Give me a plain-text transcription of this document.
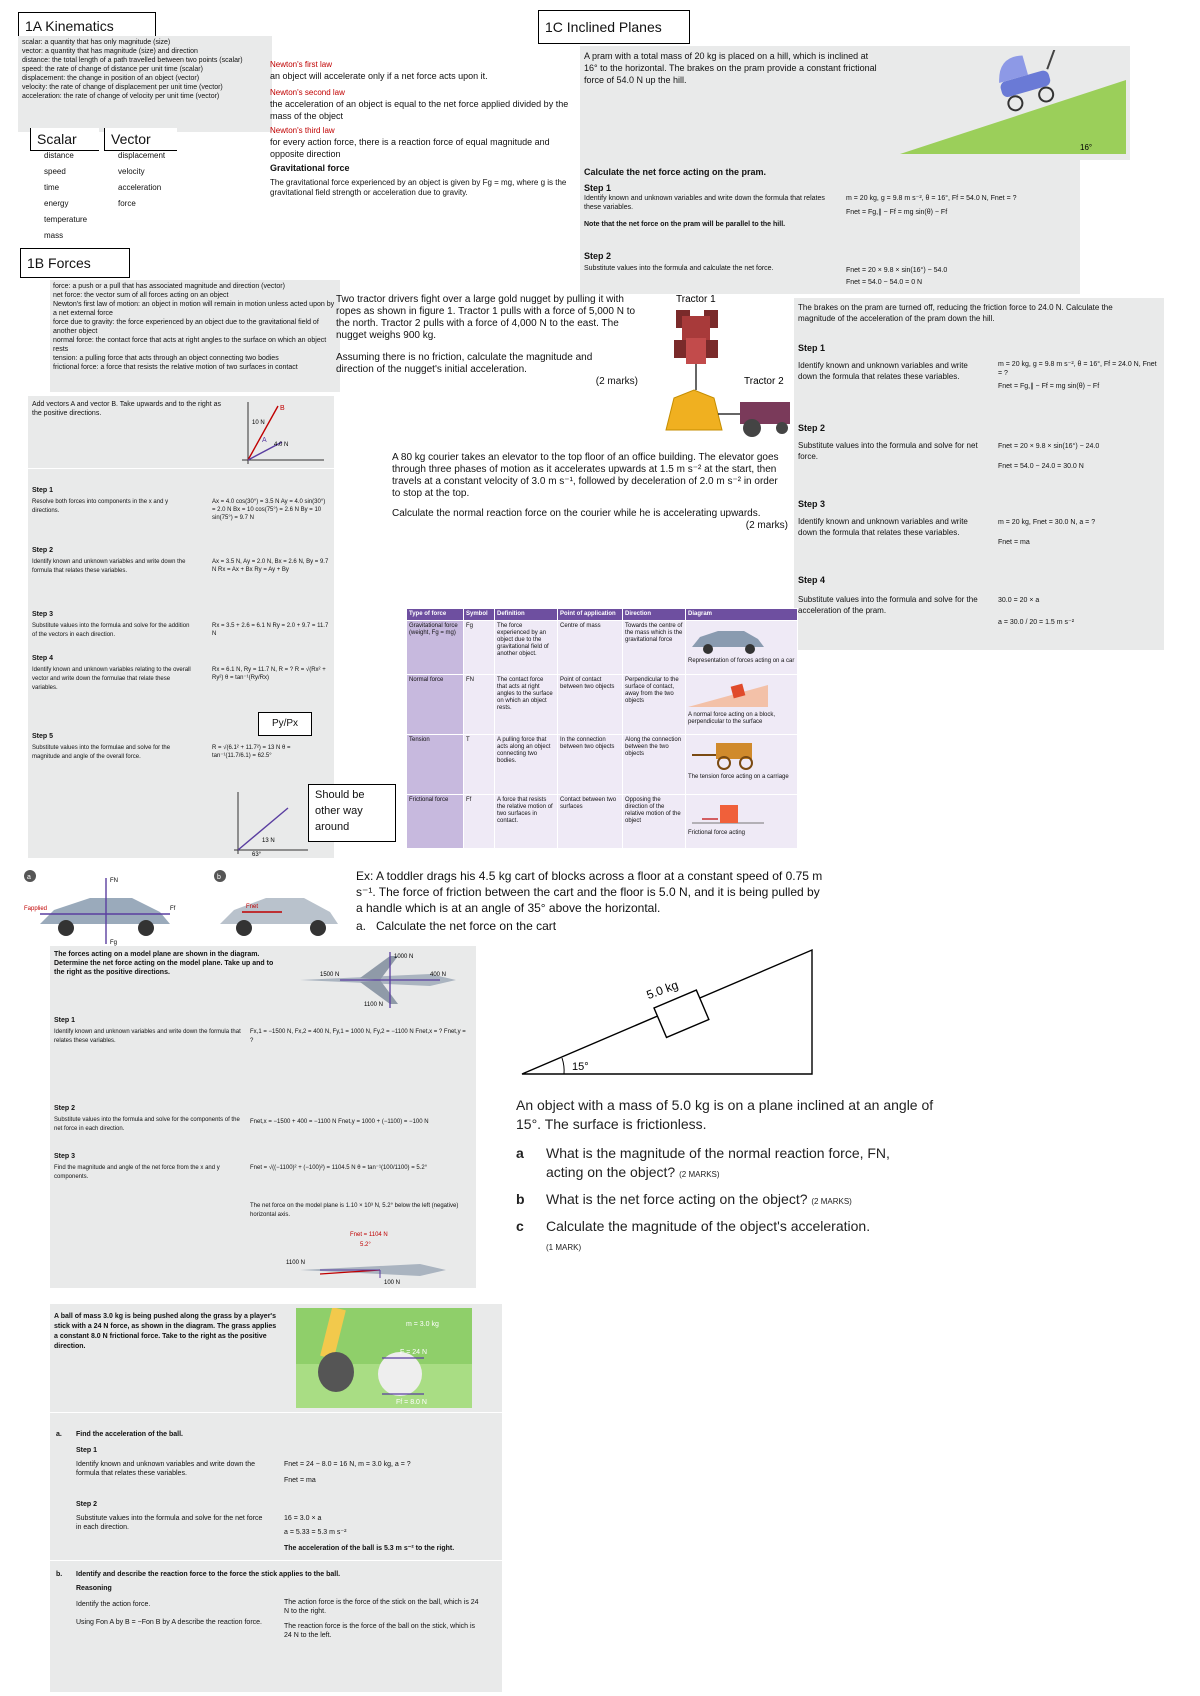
1A Kinematics
scalar: a quantity that has only magnitude (size)
vector: a quantity that has magnitude (size) and direction
distance: the total length of a path travelled between two points (scalar)
speed: the rate of change of distance per unit time (scalar)
displacement: the change in position of an object (vector)
velocity: the rate of change of displacement per unit time (vector)
acceleration: the rate of change of velocity per unit time (vector)
Scalar	Vector
distance
speed
time
energy
temperature
mass
displacement
velocity
acceleration
force
Newton's first law
an object will accelerate only if a net force acts upon it.
Newton's second law
the acceleration of an object is equal to the net force applied divided by the mass of the object
Newton's third law
for every action force, there is a reaction force of equal magnitude and opposite direction
Gravitational force
The gravitational force experienced by an object is given by Fg = mg, where g is the gravitational field strength or acceleration due to gravity.
1B Forces
force: a push or a pull that has associated magnitude and direction (vector)
net force: the vector sum of all forces acting on an object
Newton's first law of motion: an object in motion will remain in motion unless acted upon by a net external force
force due to gravity: the force experienced by an object due to the gravitational field of another object
normal force: the contact force that acts at right angles to the surface on which an object rests
tension: a pulling force that acts through an object connecting two bodies
frictional force: a force that resists the relative motion of two surfaces in contact
1C Inclined Planes
A pram with a total mass of 20 kg is placed on a hill, which is inclined at 16° to the horizontal. The brakes on the pram provide a constant frictional force of 54.0 N up the hill.
16°
Calculate the net force acting on the pram.
Step 1
Identify known and unknown variables and write down the formula that relates these variables.
m = 20 kg, g = 9.8 m s⁻², θ = 16°, Ff = 54.0 N, Fnet = ?
Fnet = Fg,∥ − Ff = mg sin(θ) − Ff
Note that the net force on the pram will be parallel to the hill.
Step 2
Substitute values into the formula and calculate the net force.	Fnet = 20 × 9.8 × sin(16°) − 54.0
Fnet = 54.0 − 54.0 = 0 N
The brakes on the pram are turned off, reducing the friction force to 24.0 N. Calculate the magnitude of the acceleration of the pram down the hill.
Step 1
Identify known and unknown variables and write down the formula that relates these variables.
m = 20 kg, g = 9.8 m s⁻², θ = 16°, Ff = 24.0 N, Fnet = ?
Fnet = Fg,∥ − Ff = mg sin(θ) − Ff
Step 2
Substitute values into the formula and solve for net force.
Fnet = 20 × 9.8 × sin(16°) − 24.0
Fnet = 54.0 − 24.0 = 30.0 N
Step 3
Identify known and unknown variables and write down the formula that relates these variables.
m = 20 kg, Fnet = 30.0 N, a = ?
Fnet = ma
Step 4
Substitute values into the formula and solve for the acceleration of the pram.
30.0 = 20 × a
a = 30.0 / 20 = 1.5 m s⁻²
Two tractor drivers fight over a large gold nugget by pulling it with ropes as shown in figure 1. Tractor 1 pulls with a force of 5,000 N to the north. Tractor 2 pulls with a force of 4,000 N to the east. The nugget weighs 900 kg.
Assuming there is no friction, calculate the magnitude and direction of the nugget's initial acceleration.
(2 marks)
Tractor 1
Tractor 2
A 80 kg courier takes an elevator to the top floor of an office building. The elevator goes through three phases of motion as it accelerates upwards at 1.5 m s⁻² at the start, then travels at a constant velocity of 3.0 m s⁻¹, followed by deceleration of 2.0 m s⁻² in order to stop at the top.
Calculate the normal reaction force on the courier while he is accelerating upwards.
(2 marks)
Add vectors A and vector B. Take upwards and to the right as the positive directions.
10 N
4.0 N
A
B
Step 1
Resolve both forces into components in the x and y directions.
Ax = 4.0 cos(30°) = 3.5 N Ay = 4.0 sin(30°) = 2.0 N Bx = 10 cos(75°) = 2.6 N By = 10 sin(75°) = 9.7 N
Step 2
Identify known and unknown variables and write down the formula that relates these variables.
Ax = 3.5 N, Ay = 2.0 N, Bx = 2.6 N, By = 9.7 N Rx = Ax + Bx Ry = Ay + By
Step 3
Substitute values into the formula and solve for the addition of the vectors in each direction.
Rx = 3.5 + 2.6 = 6.1 N Ry = 2.0 + 9.7 = 11.7 N
Step 4
Identify known and unknown variables relating to the overall vector and write down the formulae that relate these variables.
Rx = 6.1 N, Ry = 11.7 N, R = ? R = √(Rx² + Ry²) θ = tan⁻¹(Ry/Rx)
Step 5
Substitute values into the formulae and solve for the magnitude and angle of the overall force.
R = √(6.1² + 11.7²) = 13 N θ = tan⁻¹(11.7/6.1) = 62.5°
13 N
63°
Py/Px
Should be other way around
Type of force	Symbol	Definition	Point of application	Direction	Diagram
Gravitational force (weight, Fg = mg)	Fg	The force experienced by an object due to the gravitational field of another object.	Centre of mass	Towards the centre of the mass which is the gravitational force	Representation of forces acting on a car

Normal force	FN	The contact force that acts at right angles to the surface on which an object rests.	Point of contact between two objects	Perpendicular to the surface of contact, away from the two objects	A normal force acting on a block, perpendicular to the surface

Tension	T	A pulling force that acts along an object connecting two bodies.	In the connection between two objects	Along the connection between the two objects	The tension force acting on a carriage

Frictional force	Ff	A force that resists the relative motion of two surfaces in contact.	Contact between two surfaces	Opposing the direction of the relative motion of the object	Frictional force acting
a	FN
Fg
Fapplied	Ff
b
Fnet
Ex: A toddler drags his 4.5 kg cart of blocks across a floor at a constant speed of 0.75 m s⁻¹. The force of friction between the cart and the floor is 5.0 N, and it is being pulled by a handle which is at an angle of 35° above the horizontal.
a. Calculate the net force on the cart
The forces acting on a model plane are shown in the diagram. Determine the net force acting on the model plane. Take up and to the right as the positive directions.
1000 N
1500 N	400 N
1100 N
Step 1
Identify known and unknown variables and write down the formula that relates these variables.
Fx,1 = −1500 N, Fx,2 = 400 N, Fy,1 = 1000 N, Fy,2 = −1100 N Fnet,x = ? Fnet,y = ?
Step 2
Substitute values into the formula and solve for the components of the net force in each direction.
Fnet,x = −1500 + 400 = −1100 N Fnet,y = 1000 + (−1100) = −100 N
Step 3
Find the magnitude and angle of the net force from the x and y components.
Fnet = √((−1100)² + (−100)²) = 1104.5 N θ = tan⁻¹(100/1100) = 5.2°
The net force on the model plane is 1.10 × 10³ N, 5.2° below the left (negative) horizontal axis.
Fnet = 1104 N
5.2°
1100 N
100 N
5.0 kg
15°
An object with a mass of 5.0 kg is on a plane inclined at an angle of 15°. The surface is frictionless.
a	What is the magnitude of the normal reaction force, FN, acting on the object? (2 MARKS)
b	What is the net force acting on the object? (2 MARKS)
c	Calculate the magnitude of the object's acceleration.
(1 MARK)
A ball of mass 3.0 kg is being pushed along the grass by a player's stick with a 24 N force, as shown in the diagram. The grass applies a constant 8.0 N frictional force. Take to the right as the positive direction.
m = 3.0 kg
F = 24 N
Ff = 8.0 N
a. Find the acceleration of the ball.
Step 1
Identify known and unknown variables and write down the formula that relates these variables.
Fnet = 24 − 8.0 = 16 N, m = 3.0 kg, a = ?
Fnet = ma
Step 2
Substitute values into the formula and solve for the net force in each direction.
16 = 3.0 × a
a = 5.33 = 5.3 m s⁻²
The acceleration of the ball is 5.3 m s⁻² to the right.
b. Identify and describe the reaction force to the force the stick applies to the ball.
Reasoning
Identify the action force.
Using Fon A by B = −Fon B by A describe the reaction force.
The action force is the force of the stick on the ball, which is 24 N to the right.
The reaction force is the force of the ball on the stick, which is 24 N to the left.
